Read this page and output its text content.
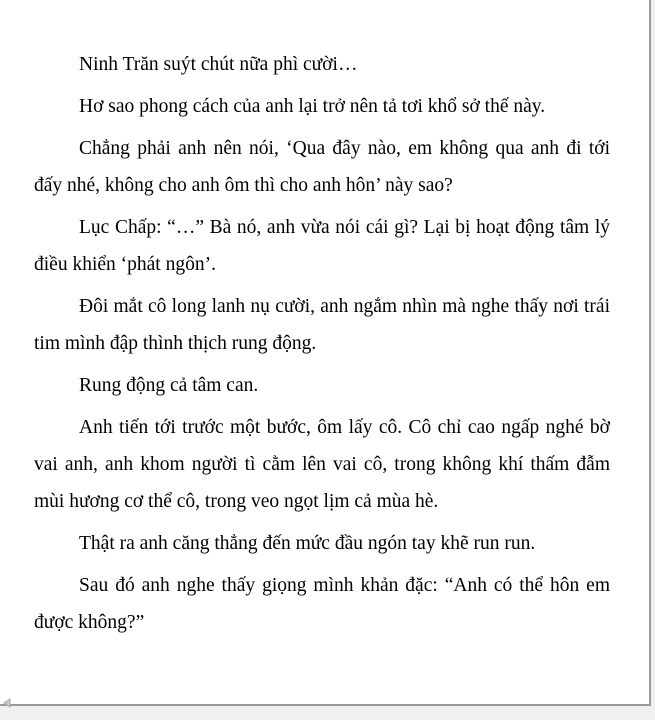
Ninh Trăn suýt chút nữa phì cười…

Hơ sao phong cách của anh lại trở nên tả tơi khổ sở thế này.

Chẳng phải anh nên nói, ‘Qua đây nào, em không qua anh đi tới đấy nhé, không cho anh ôm thì cho anh hôn’ này sao?

Lục Chấp: “…” Bà nó, anh vừa nói cái gì? Lại bị hoạt động tâm lý điều khiển ‘phát ngôn’.

Đôi mắt cô long lanh nụ cười, anh ngắm nhìn mà nghe thấy nơi trái tim mình đập thình thịch rung động.

Rung động cả tâm can.

Anh tiến tới trước một bước, ôm lấy cô. Cô chỉ cao ngấp nghé bờ vai anh, anh khom người tì cằm lên vai cô, trong không khí thấm đẫm mùi hương cơ thể cô, trong veo ngọt lịm cả mùa hè.

Thật ra anh căng thẳng đến mức đầu ngón tay khẽ run run.

Sau đó anh nghe thấy giọng mình khản đặc: “Anh có thể hôn em được không?”
